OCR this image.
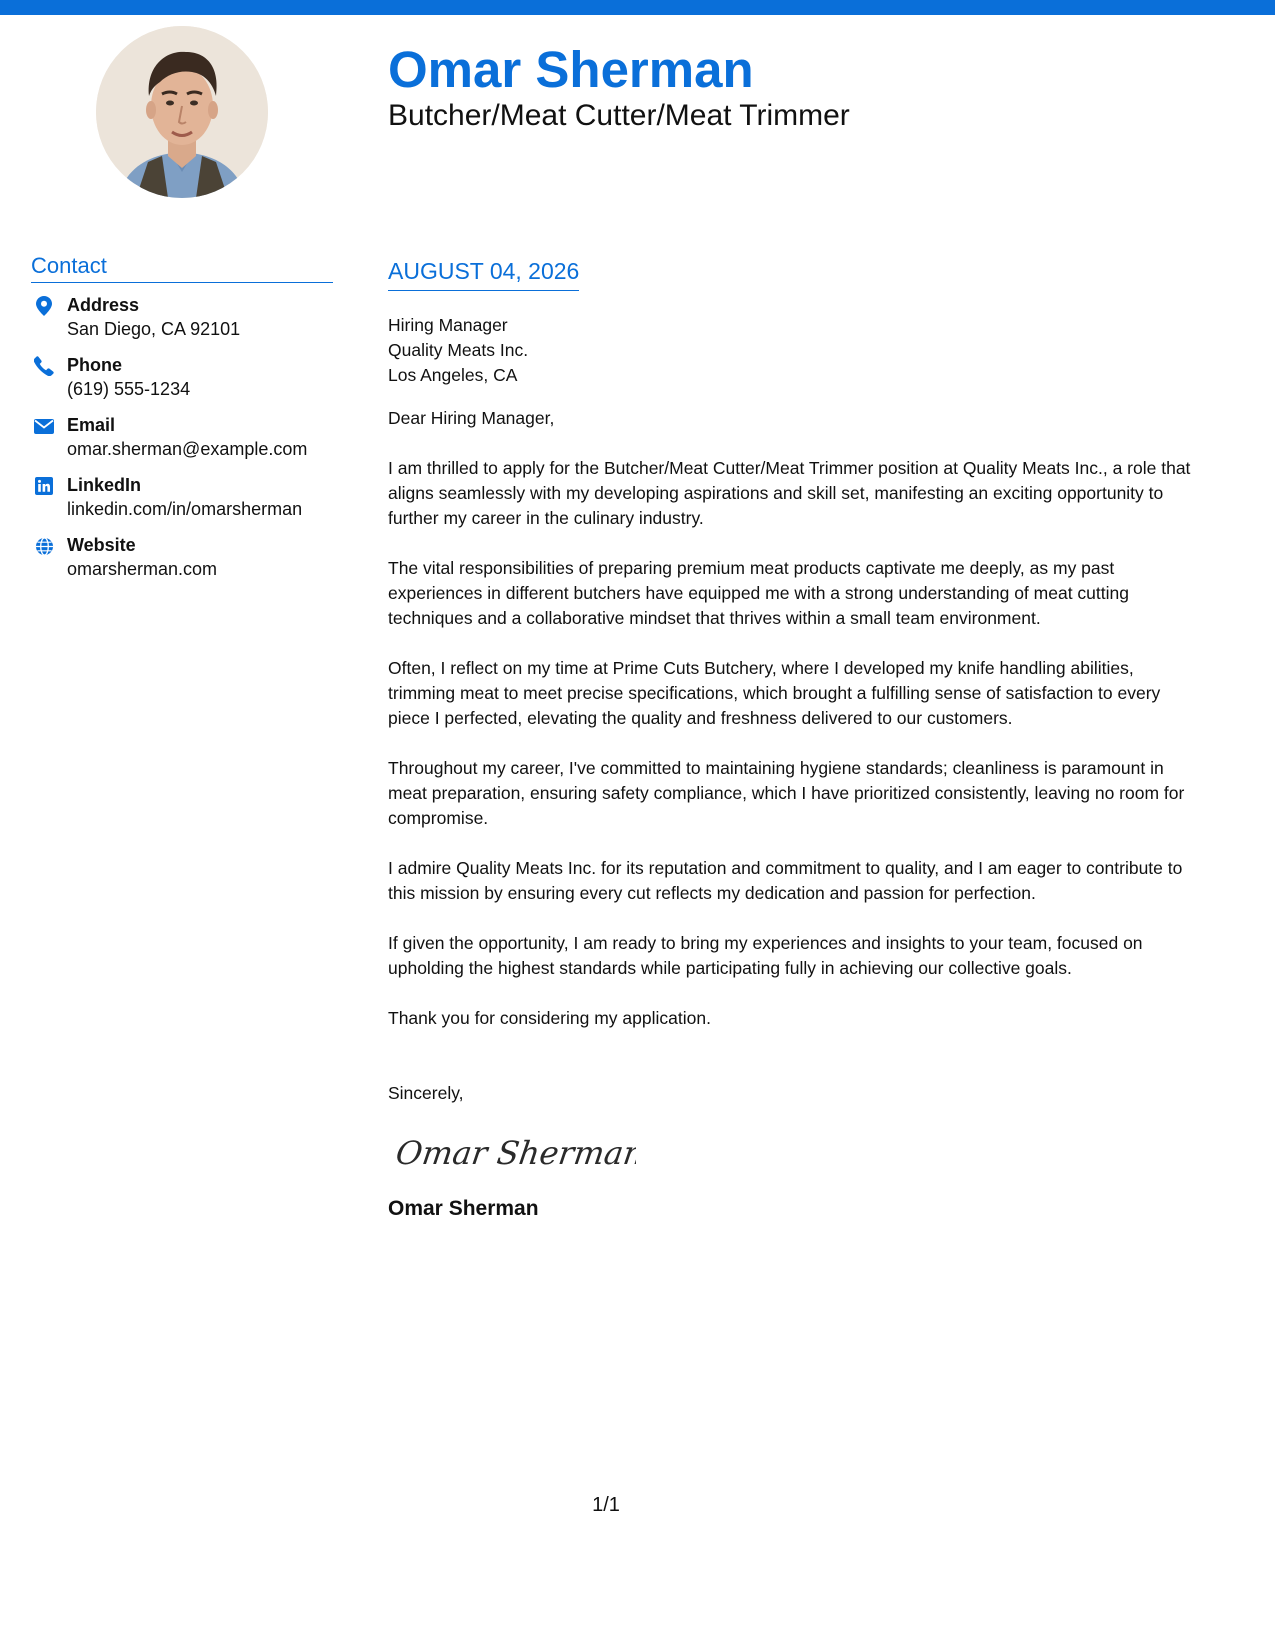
Omar Sherman
Butcher/Meat Cutter/Meat Trimmer
Contact
Address
San Diego, CA 92101
Phone
(619) 555-1234
Email
omar.sherman@example.com
LinkedIn
linkedin.com/in/omarsherman
Website
omarsherman.com
AUGUST 04, 2026
Hiring Manager
Quality Meats Inc.
Los Angeles, CA

Dear Hiring Manager,

I am thrilled to apply for the Butcher/Meat Cutter/Meat Trimmer position at Quality Meats Inc., a role that aligns seamlessly with my developing aspirations and skill set, manifesting an exciting opportunity to further my career in the culinary industry.

The vital responsibilities of preparing premium meat products captivate me deeply, as my past experiences in different butchers have equipped me with a strong understanding of meat cutting techniques and a collaborative mindset that thrives within a small team environment.

Often, I reflect on my time at Prime Cuts Butchery, where I developed my knife handling abilities, trimming meat to meet precise specifications, which brought a fulfilling sense of satisfaction to every piece I perfected, elevating the quality and freshness delivered to our customers.

Throughout my career, I've committed to maintaining hygiene standards; cleanliness is paramount in meat preparation, ensuring safety compliance, which I have prioritized consistently, leaving no room for compromise.

I admire Quality Meats Inc. for its reputation and commitment to quality, and I am eager to contribute to this mission by ensuring every cut reflects my dedication and passion for perfection.

If given the opportunity, I am ready to bring my experiences and insights to your team, focused on upholding the highest standards while participating fully in achieving our collective goals.

Thank you for considering my application.

Sincerely,
Omar Sherman
Omar Sherman
1/1
